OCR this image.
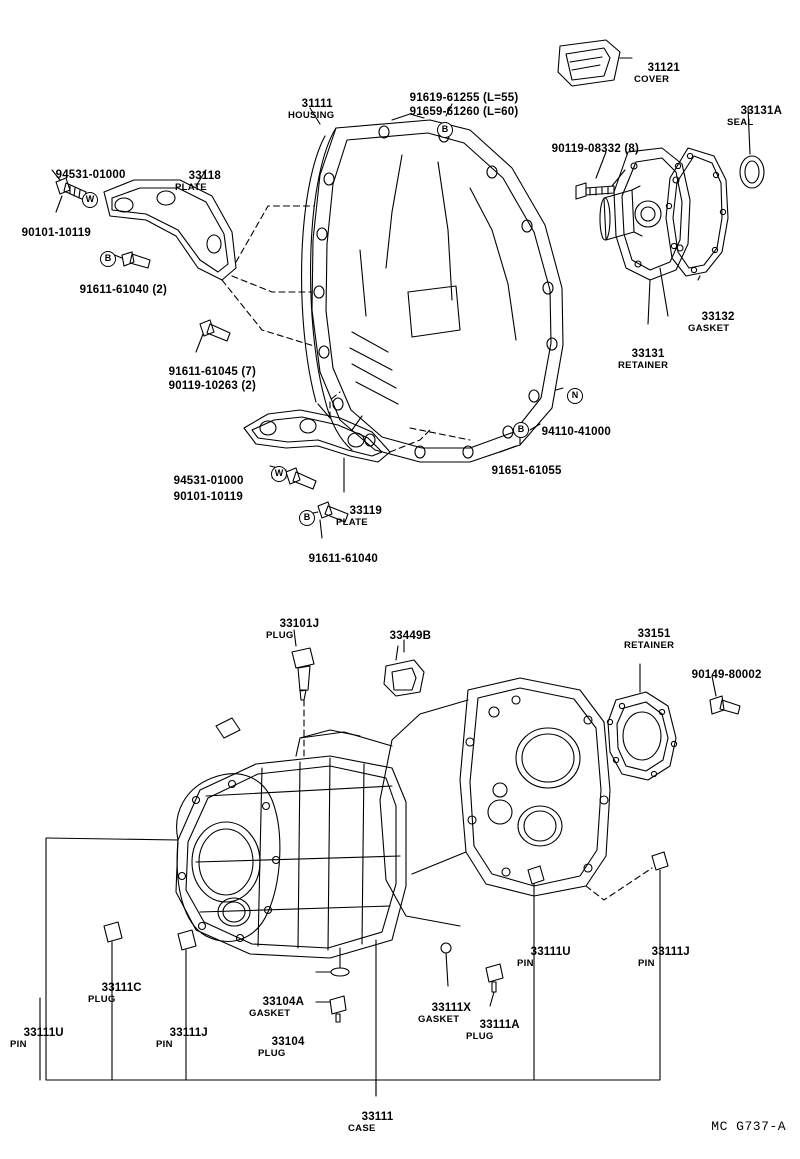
B
B
W
W
B
B
N

31121
COVER

33131A
SEAL

31111
HOUSING

91619-61255 (L=55)

91659-61260 (L=60)

90119-08332 (8)

94531-01000
	33118
PLATE

90101-10119

91611-61040 (2)

33132
GASKET

33131
RETAINER

91611-61045 (7)

90119-10263 (2)

94110-41000

91651-61055

94531-01000

90101-10119

33119
PLATE

91611-61040

33101J
PLUG

	33449B
	33151
RETAINER

90149-80002

33111U
PIN

33111J
PIN

33111C
PLUG

	33104A
GASKET

	33111X
GASKET

33111U
PIN

33111J
PIN

	33104
PLUG

33111A
PLUG

33111
CASE

	MC G737-A
